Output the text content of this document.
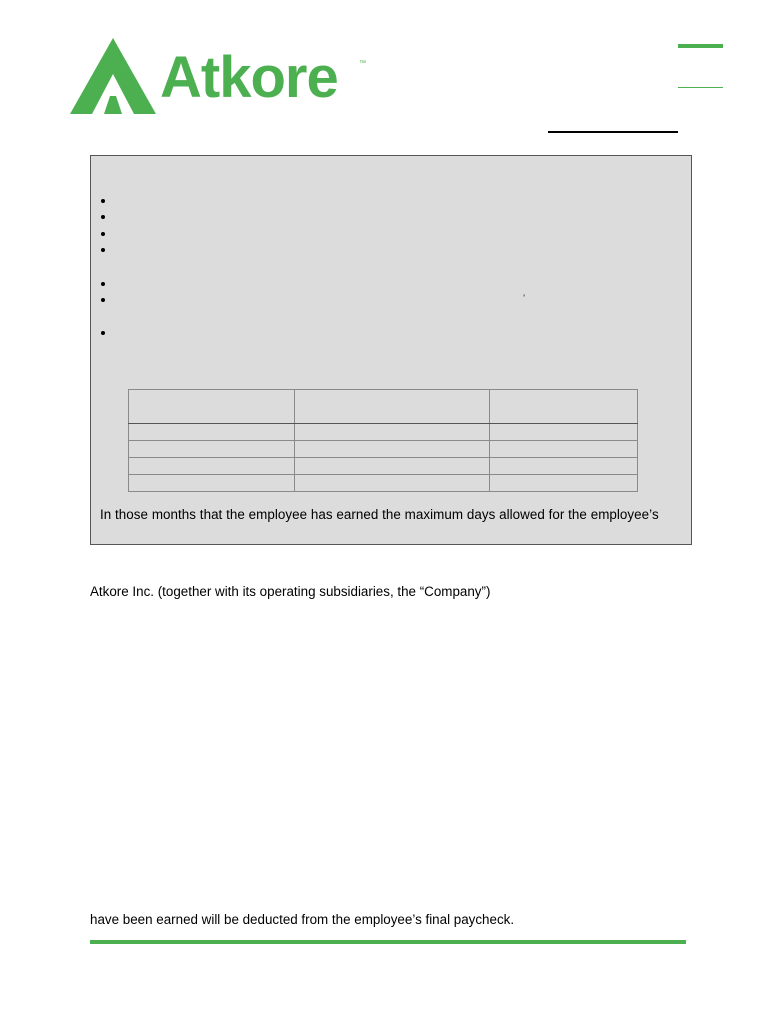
Atkore	™
’

In those months that the employee has earned the maximum days allowed for the employee’s
Atkore Inc. (together with its operating subsidiaries, the “Company”)
have been earned will be deducted from the employee’s final paycheck.
